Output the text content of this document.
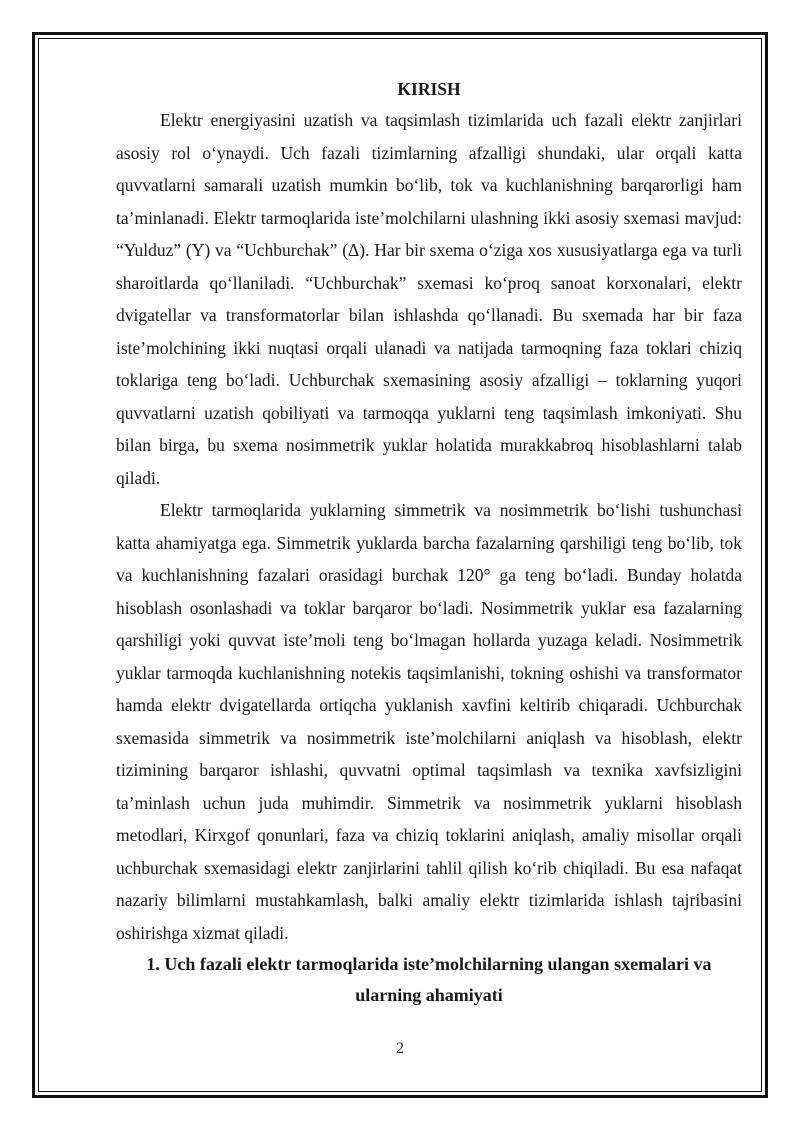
KIRISH

Elektr energiyasini uzatish va taqsimlash tizimlarida uch fazali elektr zanjirlari asosiy rol o‘ynaydi. Uch fazali tizimlarning afzalligi shundaki, ular orqali katta quvvatlarni samarali uzatish mumkin bo‘lib, tok va kuchlanishning barqarorligi ham ta’minlanadi. Elektr tarmoqlarida iste’molchilarni ulashning ikki asosiy sxemasi mavjud: “Yulduz” (Y) va “Uchburchak” (Δ). Har bir sxema o‘ziga xos xususiyatlarga ega va turli sharoitlarda qo‘llaniladi. “Uchburchak” sxemasi ko‘proq sanoat korxonalari, elektr dvigatellar va transformatorlar bilan ishlashda qo‘llanadi. Bu sxemada har bir faza iste’molchining ikki nuqtasi orqali ulanadi va natijada tarmoqning faza toklari chiziq toklariga teng bo‘ladi. Uchburchak sxemasining asosiy afzalligi – toklarning yuqori quvvatlarni uzatish qobiliyati va tarmoqqa yuklarni teng taqsimlash imkoniyati. Shu bilan birga, bu sxema nosimmetrik yuklar holatida murakkabroq hisoblashlarni talab qiladi.

Elektr tarmoqlarida yuklarning simmetrik va nosimmetrik bo‘lishi tushunchasi katta ahamiyatga ega. Simmetrik yuklarda barcha fazalarning qarshiligi teng bo‘lib, tok va kuchlanishning fazalari orasidagi burchak 120° ga teng bo‘ladi. Bunday holatda hisoblash osonlashadi va toklar barqaror bo‘ladi. Nosimmetrik yuklar esa fazalarning qarshiligi yoki quvvat iste’moli teng bo‘lmagan hollarda yuzaga keladi. Nosimmetrik yuklar tarmoqda kuchlanishning notekis taqsimlanishi, tokning oshishi va transformator hamda elektr dvigatellarda ortiqcha yuklanish xavfini keltirib chiqaradi. Uchburchak sxemasida simmetrik va nosimmetrik iste’molchilarni aniqlash va hisoblash, elektr tizimining barqaror ishlashi, quvvatni optimal taqsimlash va texnika xavfsizligini ta’minlash uchun juda muhimdir. Simmetrik va nosimmetrik yuklarni hisoblash metodlari, Kirxgof qonunlari, faza va chiziq toklarini aniqlash, amaliy misollar orqali uchburchak sxemasidagi elektr zanjirlarini tahlil qilish ko‘rib chiqiladi. Bu esa nafaqat nazariy bilimlarni mustahkamlash, balki amaliy elektr tizimlarida ishlash tajribasini oshirishga xizmat qiladi.

1. Uch fazali elektr tarmoqlarida iste’molchilarning ulangan sxemalari va ularning ahamiyati
2
